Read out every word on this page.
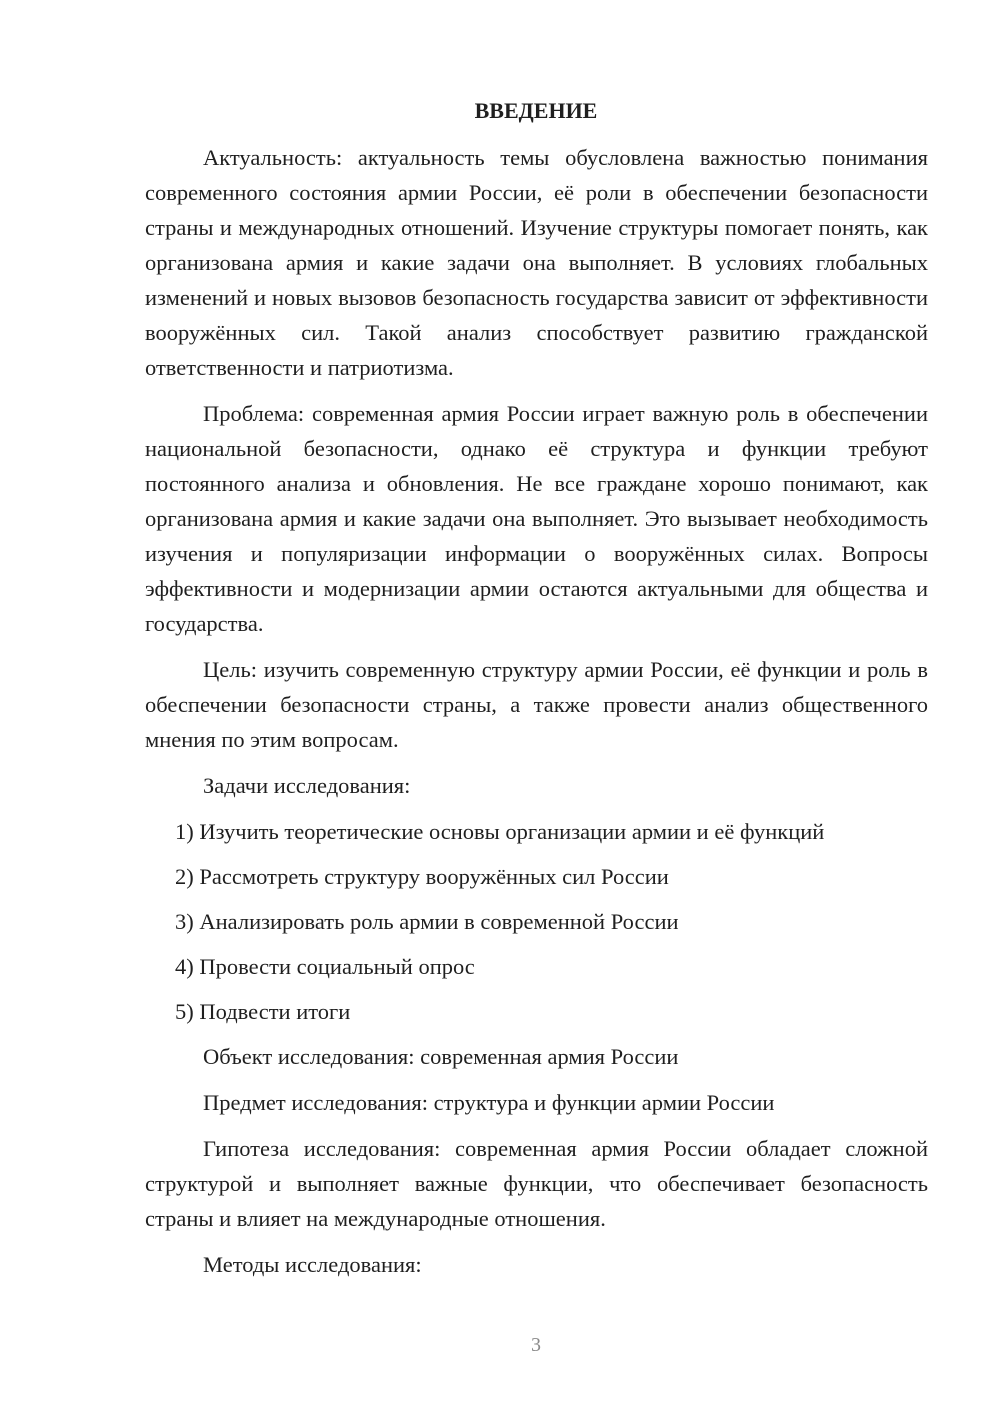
ВВЕДЕНИЕ

Актуальность: актуальность темы обусловлена важностью понимания современного состояния армии России, её роли в обеспечении безопасности страны и международных отношений. Изучение структуры помогает понять, как организована армия и какие задачи она выполняет. В условиях глобальных изменений и новых вызовов безопасность государства зависит от эффективности вооружённых сил. Такой анализ способствует развитию гражданской ответственности и патриотизма.

Проблема: современная армия России играет важную роль в обеспечении национальной безопасности, однако её структура и функции требуют постоянного анализа и обновления. Не все граждане хорошо понимают, как организована армия и какие задачи она выполняет. Это вызывает необходимость изучения и популяризации информации о вооружённых силах. Вопросы эффективности и модернизации армии остаются актуальными для общества и государства.

Цель: изучить современную структуру армии России, её функции и роль в обеспечении безопасности страны, а также провести анализ общественного мнения по этим вопросам.

Задачи исследования:

1) Изучить теоретические основы организации армии и её функций
2) Рассмотреть структуру вооружённых сил России
3) Анализировать роль армии в современной России
4) Провести социальный опрос
5) Подвести итоги

Объект исследования: современная армия России

Предмет исследования: структура и функции армии России

Гипотеза исследования: современная армия России обладает сложной структурой и выполняет важные функции, что обеспечивает безопасность страны и влияет на международные отношения.

Методы исследования:

3
